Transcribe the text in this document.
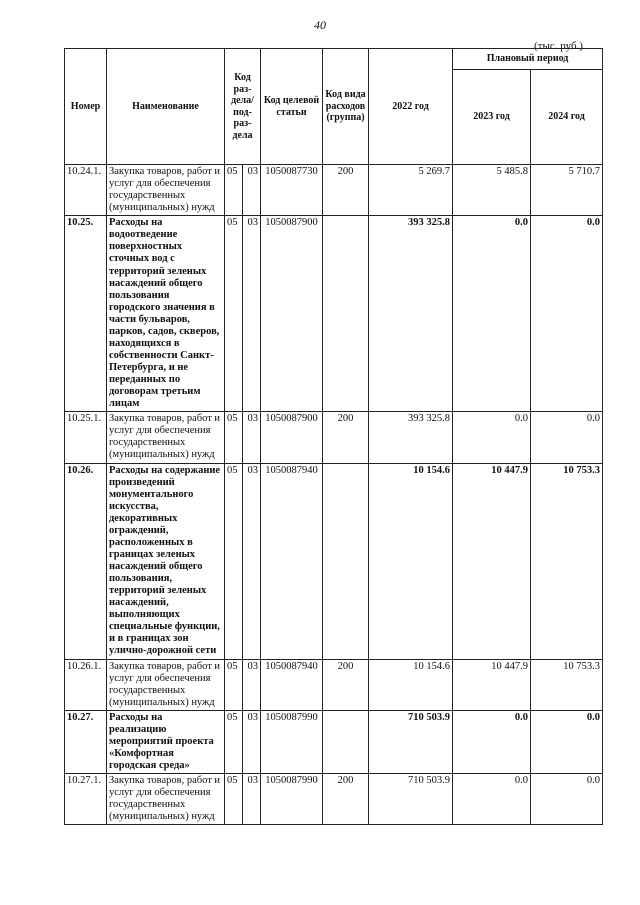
40
(тыс. руб.)
Номер	Наименование	Код раз-дела/ под-раз-дела		Код целевой статьи	Код вида расходов (группа)	2022 год	Плановый период	
							2023 год	2024 год
10.24.1.	Закупка товаров, работ и услуг для обеспечения государственных (муниципальных) нужд	05	03	1050087730	200	5 269.7	5 485.8	5 710.7
10.25.	Расходы на водоотведение поверхностных сточных вод с территорий зеленых насаждений общего пользования городского значения в части бульваров, парков, садов, скверов, находящихся в собственности Санкт-Петербурга, и не переданных по договорам третьим лицам	05	03	1050087900		393 325.8	0.0	0.0
10.25.1.	Закупка товаров, работ и услуг для обеспечения государственных (муниципальных) нужд	05	03	1050087900	200	393 325.8	0.0	0.0
10.26.	Расходы на содержание произведений монументального искусства, декоративных ограждений, расположенных в границах зеленых насаждений общего пользования, территорий зеленых насаждений, выполняющих специальные функции, и в границах зон улично-дорожной сети	05	03	1050087940		10 154.6	10 447.9	10 753.3
10.26.1.	Закупка товаров, работ и услуг для обеспечения государственных (муниципальных) нужд	05	03	1050087940	200	10 154.6	10 447.9	10 753.3
10.27.	Расходы на реализацию мероприятий проекта «Комфортная городская среда»	05	03	1050087990		710 503.9	0.0	0.0
10.27.1.	Закупка товаров, работ и услуг для обеспечения государственных (муниципальных) нужд	05	03	1050087990	200	710 503.9	0.0	0.0
